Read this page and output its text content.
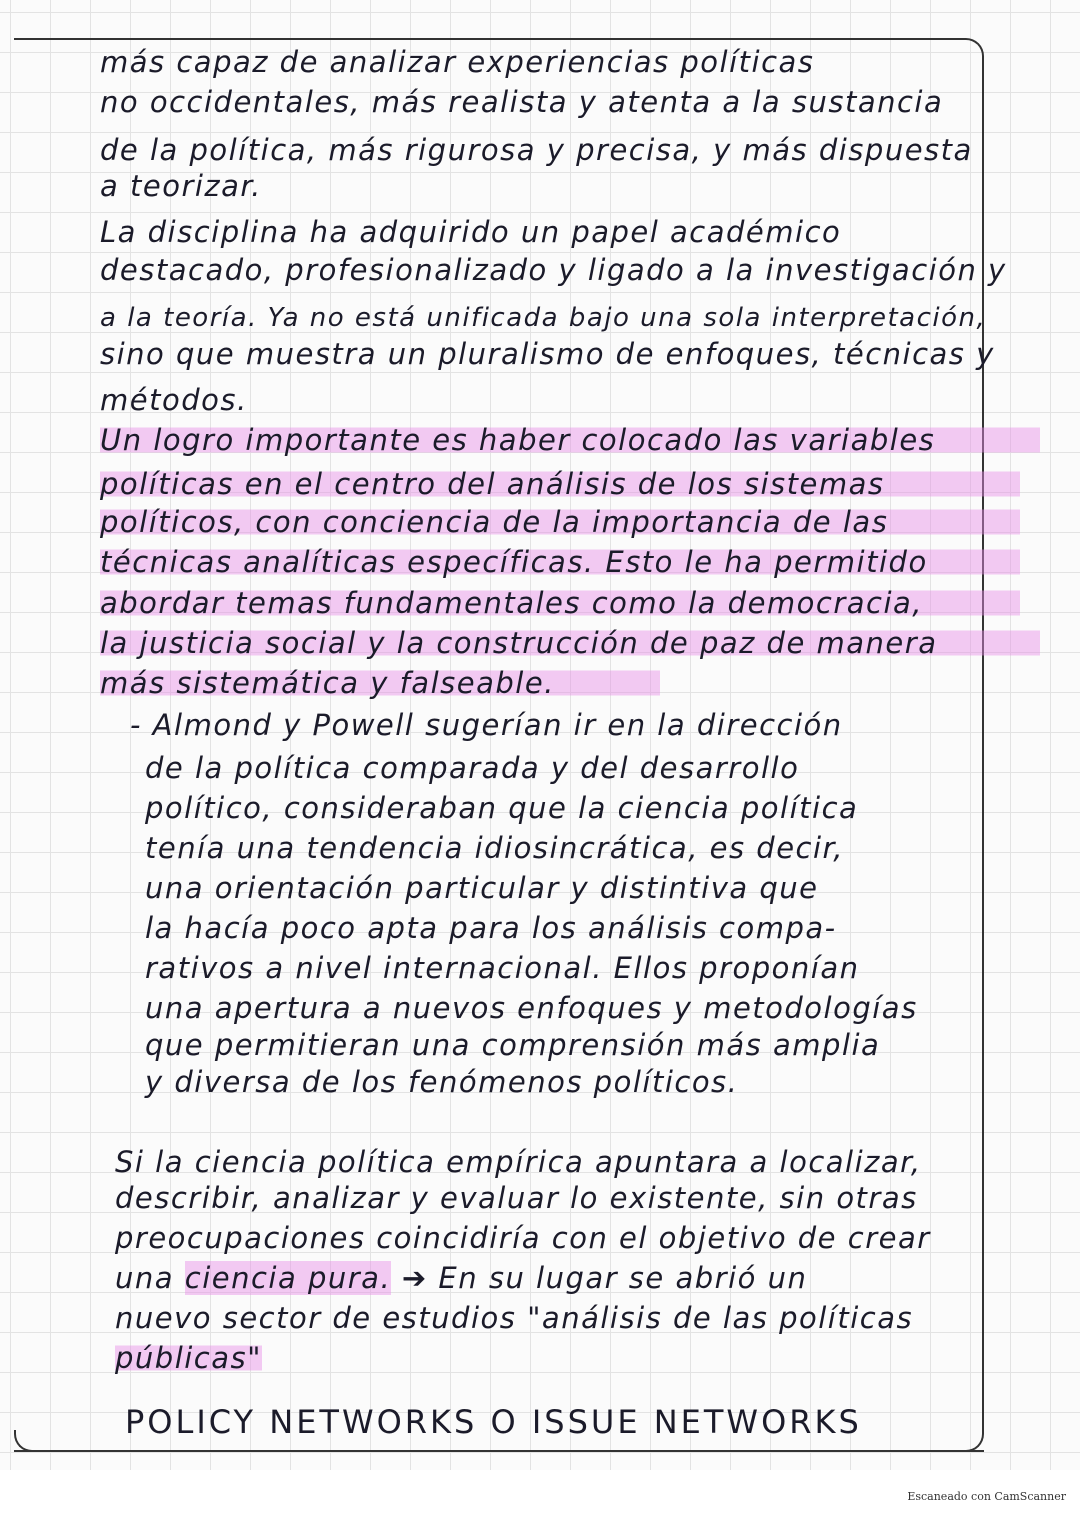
más capaz de analizar experiencias políticas
no occidentales, más realista y atenta a la sustancia
de la política, más rigurosa y precisa, y más dispuesta
a teorizar.
La disciplina ha adquirido un papel académico
destacado, profesionalizado y ligado a la investigación y
a la teoría. Ya no está unificada bajo una sola interpretación,
sino que muestra un pluralismo de enfoques, técnicas y
métodos.
Un logro importante es haber colocado las variables
políticas en el centro del análisis de los sistemas
políticos, con conciencia de la importancia de las
técnicas analíticas específicas. Esto le ha permitido
abordar temas fundamentales como la democracia,
la justicia social y la construcción de paz de manera
más sistemática y falseable.
- Almond y Powell sugerían ir en la dirección
de la política comparada y del desarrollo
político, consideraban que la ciencia política
tenía una tendencia idiosincrática, es decir,
una orientación particular y distintiva que
la hacía poco apta para los análisis compa-
rativos a nivel internacional. Ellos proponían
una apertura a nuevos enfoques y metodologías
que permitieran una comprensión más amplia
y diversa de los fenómenos políticos.
Si la ciencia política empírica apuntara a localizar,
describir, analizar y evaluar lo existente, sin otras
preocupaciones coincidiría con el objetivo de crear
una ciencia pura. ➔ En su lugar se abrió un
nuevo sector de estudios "análisis de las políticas
públicas"
POLICY NETWORKS O ISSUE NETWORKS
Escaneado con CamScanner
